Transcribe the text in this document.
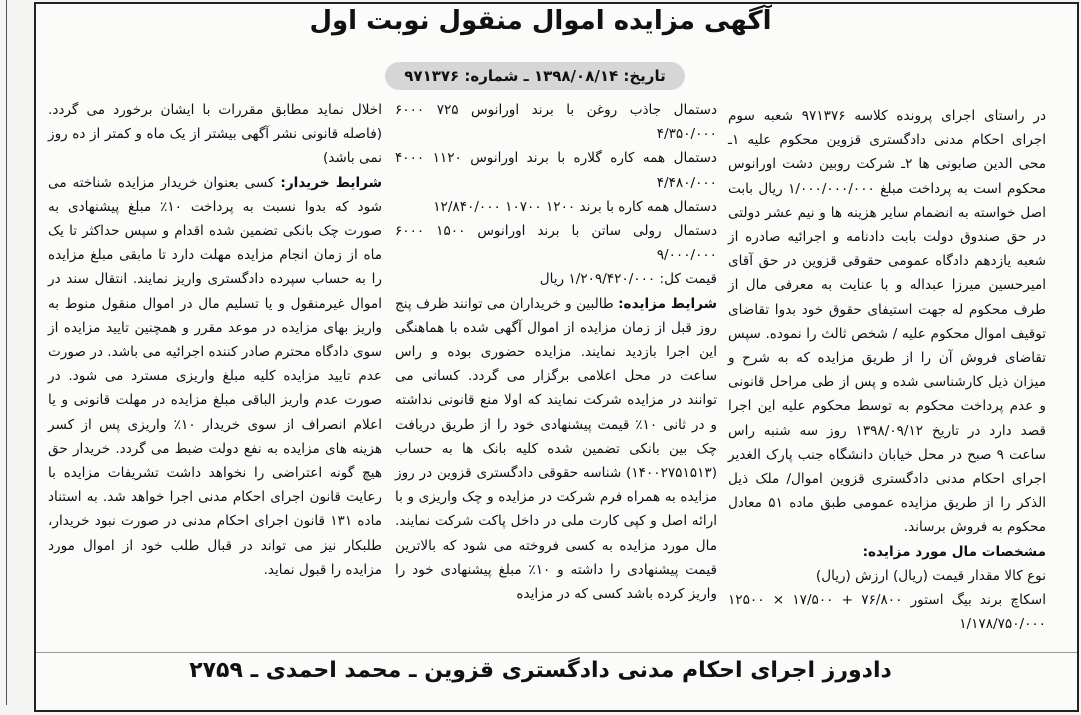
آگهی مزایده اموال منقول نوبت اول
تاریخ: ۱۳۹۸/۰۸/۱۴ ـ شماره: ۹۷۱۳۷۶
در راستای اجرای پرونده کلاسه ۹۷۱۳۷۶ شعبه سوم اجرای احکام مدنی دادگستری قزوین محکوم علیه ۱ـ محی الدین صابونی ها ۲ـ شرکت روبین دشت اورانوس محکوم است به پرداخت مبلغ ۱/۰۰۰/۰۰۰/۰۰۰ ریال بابت اصل خواسته به انضمام سایر هزینه ها و نیم عشر دولتی در حق صندوق دولت بابت دادنامه و اجرائیه صادره از شعبه یازدهم دادگاه عمومی حقوقی قزوین در حق آقای امیرحسین میرزا عبداله و با عنایت به معرفی مال از طرف محکوم له جهت استیفای حقوق خود بدوا تقاضای توقیف اموال محکوم علیه / شخص ثالث را نموده. سپس تقاضای فروش آن را از طریق مزایده که به شرح و میزان ذیل کارشناسی شده و پس از طی مراحل قانونی و عدم پرداخت محکوم به توسط محکوم علیه این اجرا قصد دارد در تاریخ ۱۳۹۸/۰۹/۱۲ روز سه شنبه راس ساعت ۹ صبح در محل خیابان دانشگاه جنب پارک الغدیر اجرای احکام مدنی دادگستری قزوین اموال/ ملک ذیل الذکر را از طریق مزایده عمومی طبق ماده ۵۱ معادل محکوم به فروش برساند.
مشخصات مال مورد مزایده:
نوع کالا مقدار قیمت (ریال) ارزش (ریال)
اسکاچ برند بیگ استور ۷۶/۸۰۰ + ۱۷/۵۰۰ × ۱۲۵۰۰ ۱/۱۷۸/۷۵۰/۰۰۰
دستمال جاذب روغن با برند اورانوس ۷۲۵ ۶۰۰۰ ۴/۳۵۰/۰۰۰
دستمال همه کاره گلاره با برند اورانوس ۱۱۲۰ ۴۰۰۰ ۴/۴۸۰/۰۰۰
دستمال همه کاره با برند ۱۲۰۰ ۱۰۷۰۰ ۱۲/۸۴۰/۰۰۰
دستمال رولی ساتن با برند اورانوس ۱۵۰۰ ۶۰۰۰ ۹/۰۰۰/۰۰۰
قیمت کل: ۱/۲۰۹/۴۲۰/۰۰۰ ریال
شرایط مزایده: طالبین و خریداران می توانند ظرف پنج روز قبل از زمان مزایده از اموال آگهی شده با هماهنگی این اجرا بازدید نمایند. مزایده حضوری بوده و راس ساعت در محل اعلامی برگزار می گردد. کسانی می توانند در مزایده شرکت نمایند که اولا منع قانونی نداشته و در ثانی ۱۰٪ قیمت پیشنهادی خود را از طریق دریافت چک بین بانکی تضمین شده کلیه بانک ها به حساب (۱۴۰۰۲۷۵۱۵۱۳) شناسه حقوقی دادگستری قزوین در روز مزایده به همراه فرم شرکت در مزایده و چک واریزی و با ارائه اصل و کپی کارت ملی در داخل پاکت شرکت نمایند. مال مورد مزایده به کسی فروخته می شود که بالاترین قیمت پیشنهادی را داشته و ۱۰٪ مبلغ پیشنهادی خود را واریز کرده باشد کسی که در مزایده
اخلال نماید مطابق مقررات با ایشان برخورد می گردد. (فاصله قانونی نشر آگهی بیشتر از یک ماه و کمتر از ده روز نمی باشد)
شرایط خریدار: کسی بعنوان خریدار مزایده شناخته می شود که بدوا نسبت به پرداخت ۱۰٪ مبلغ پیشنهادی به صورت چک بانکی تضمین شده اقدام و سپس حداکثر تا یک ماه از زمان انجام مزایده مهلت دارد تا مابقی مبلغ مزایده را به حساب سپرده دادگستری واریز نمایند. انتقال سند در اموال غیرمنقول و یا تسلیم مال در اموال منقول منوط به واریز بهای مزایده در موعد مقرر و همچنین تایید مزایده از سوی دادگاه محترم صادر کننده اجرائیه می باشد. در صورت عدم تایید مزایده کلیه مبلغ واریزی مسترد می شود. در صورت عدم واریز الباقی مبلغ مزایده در مهلت قانونی و یا اعلام انصراف از سوی خریدار ۱۰٪ واریزی پس از کسر هزینه های مزایده به نفع دولت ضبط می گردد. خریدار حق هیچ گونه اعتراضی را نخواهد داشت تشریفات مزایده با رعایت قانون اجرای احکام مدنی اجرا خواهد شد. به استناد ماده ۱۳۱ قانون اجرای احکام مدنی در صورت نبود خریدار، طلبکار نیز می تواند در قبال طلب خود از اموال مورد مزایده را قبول نماید.
دادورز اجرای احکام مدنی دادگستری قزوین ـ محمد احمدی ـ ۲۷۵۹
